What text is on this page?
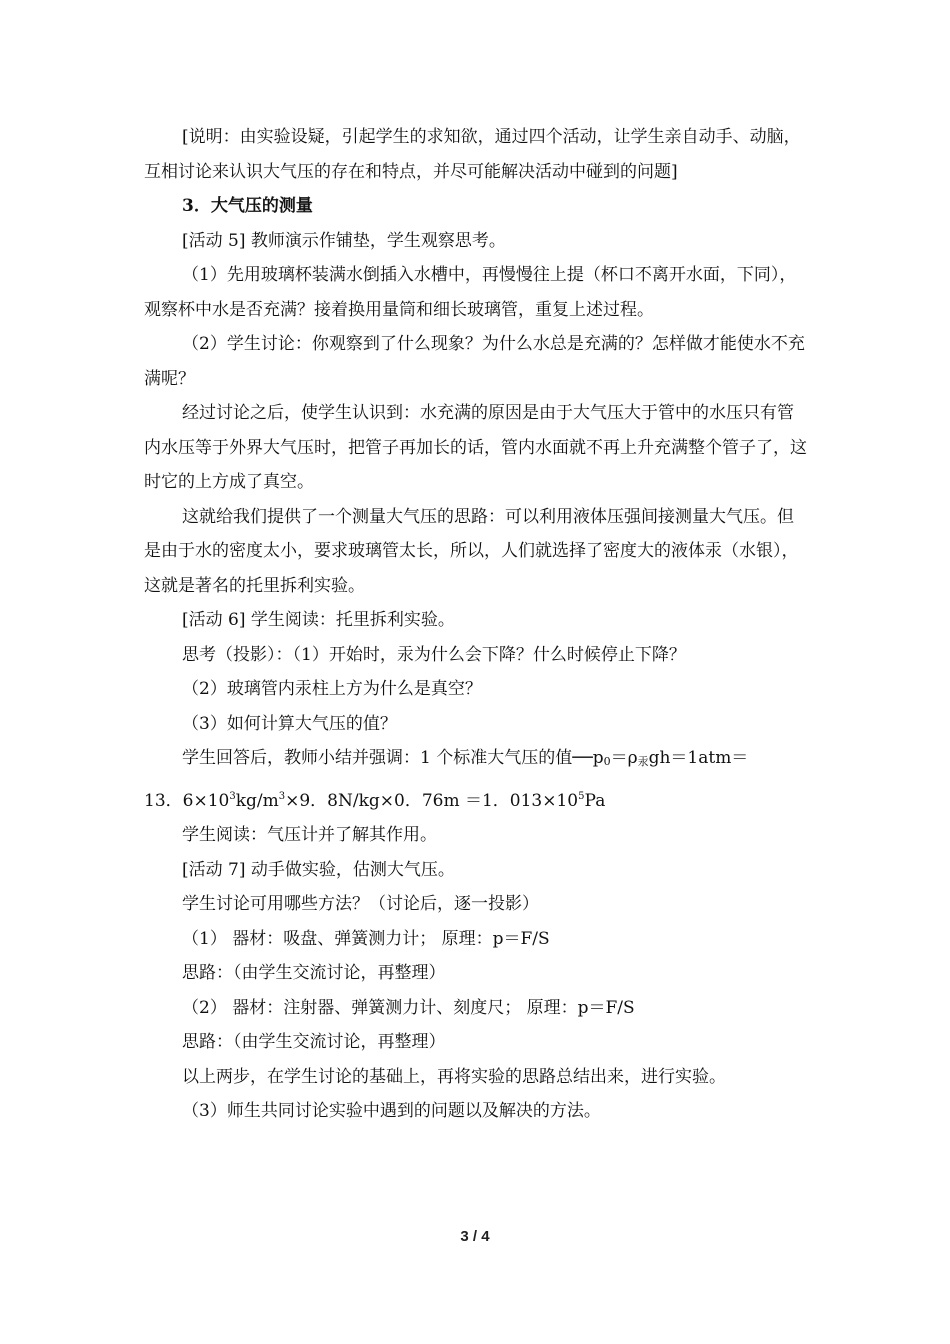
[说明：由实验设疑，引起学生的求知欲，通过四个活动，让学生亲自动手、动脑，互相讨论来认识大气压的存在和特点，并尽可能解决活动中碰到的问题]

3．大气压的测量

[活动 5] 教师演示作铺垫，学生观察思考。

（1）先用玻璃杯装满水倒插入水槽中，再慢慢往上提（杯口不离开水面，下同），观察杯中水是否充满？接着换用量筒和细长玻璃管，重复上述过程。

（2）学生讨论：你观察到了什么现象？为什么水总是充满的？怎样做才能使水不充满呢？

经过讨论之后，使学生认识到：水充满的原因是由于大气压大于管中的水压只有管内水压等于外界大气压时，把管子再加长的话，管内水面就不再上升充满整个管子了，这时它的上方成了真空。

这就给我们提供了一个测量大气压的思路：可以利用液体压强间接测量大气压。但是由于水的密度太小，要求玻璃管太长，所以，人们就选择了密度大的液体汞（水银），这就是著名的托里拆利实验。

[活动 6] 学生阅读：托里拆利实验。

思考（投影）：（1）开始时，汞为什么会下降？什么时候停止下降？

（2）玻璃管内汞柱上方为什么是真空？

（3）如何计算大气压的值？

学生回答后，教师小结并强调：1 个标准大气压的值──p0＝ρ汞gh＝1atm＝

13．$6\times 10^3kg/m^3\times 9$．8N/kg×0．76m ＝1．$013\times 10^5Pa$

学生阅读：气压计并了解其作用。

[活动 7] 动手做实验，估测大气压。

学生讨论可用哪些方法？（讨论后，逐一投影）

（1） 器材：吸盘、弹簧测力计； 原理：p＝F/S

思路：（由学生交流讨论，再整理）

（2） 器材：注射器、弹簧测力计、刻度尺； 原理：p＝F/S

思路：（由学生交流讨论，再整理）

以上两步，在学生讨论的基础上，再将实验的思路总结出来，进行实验。

（3）师生共同讨论实验中遇到的问题以及解决的方法。

3 / 4
